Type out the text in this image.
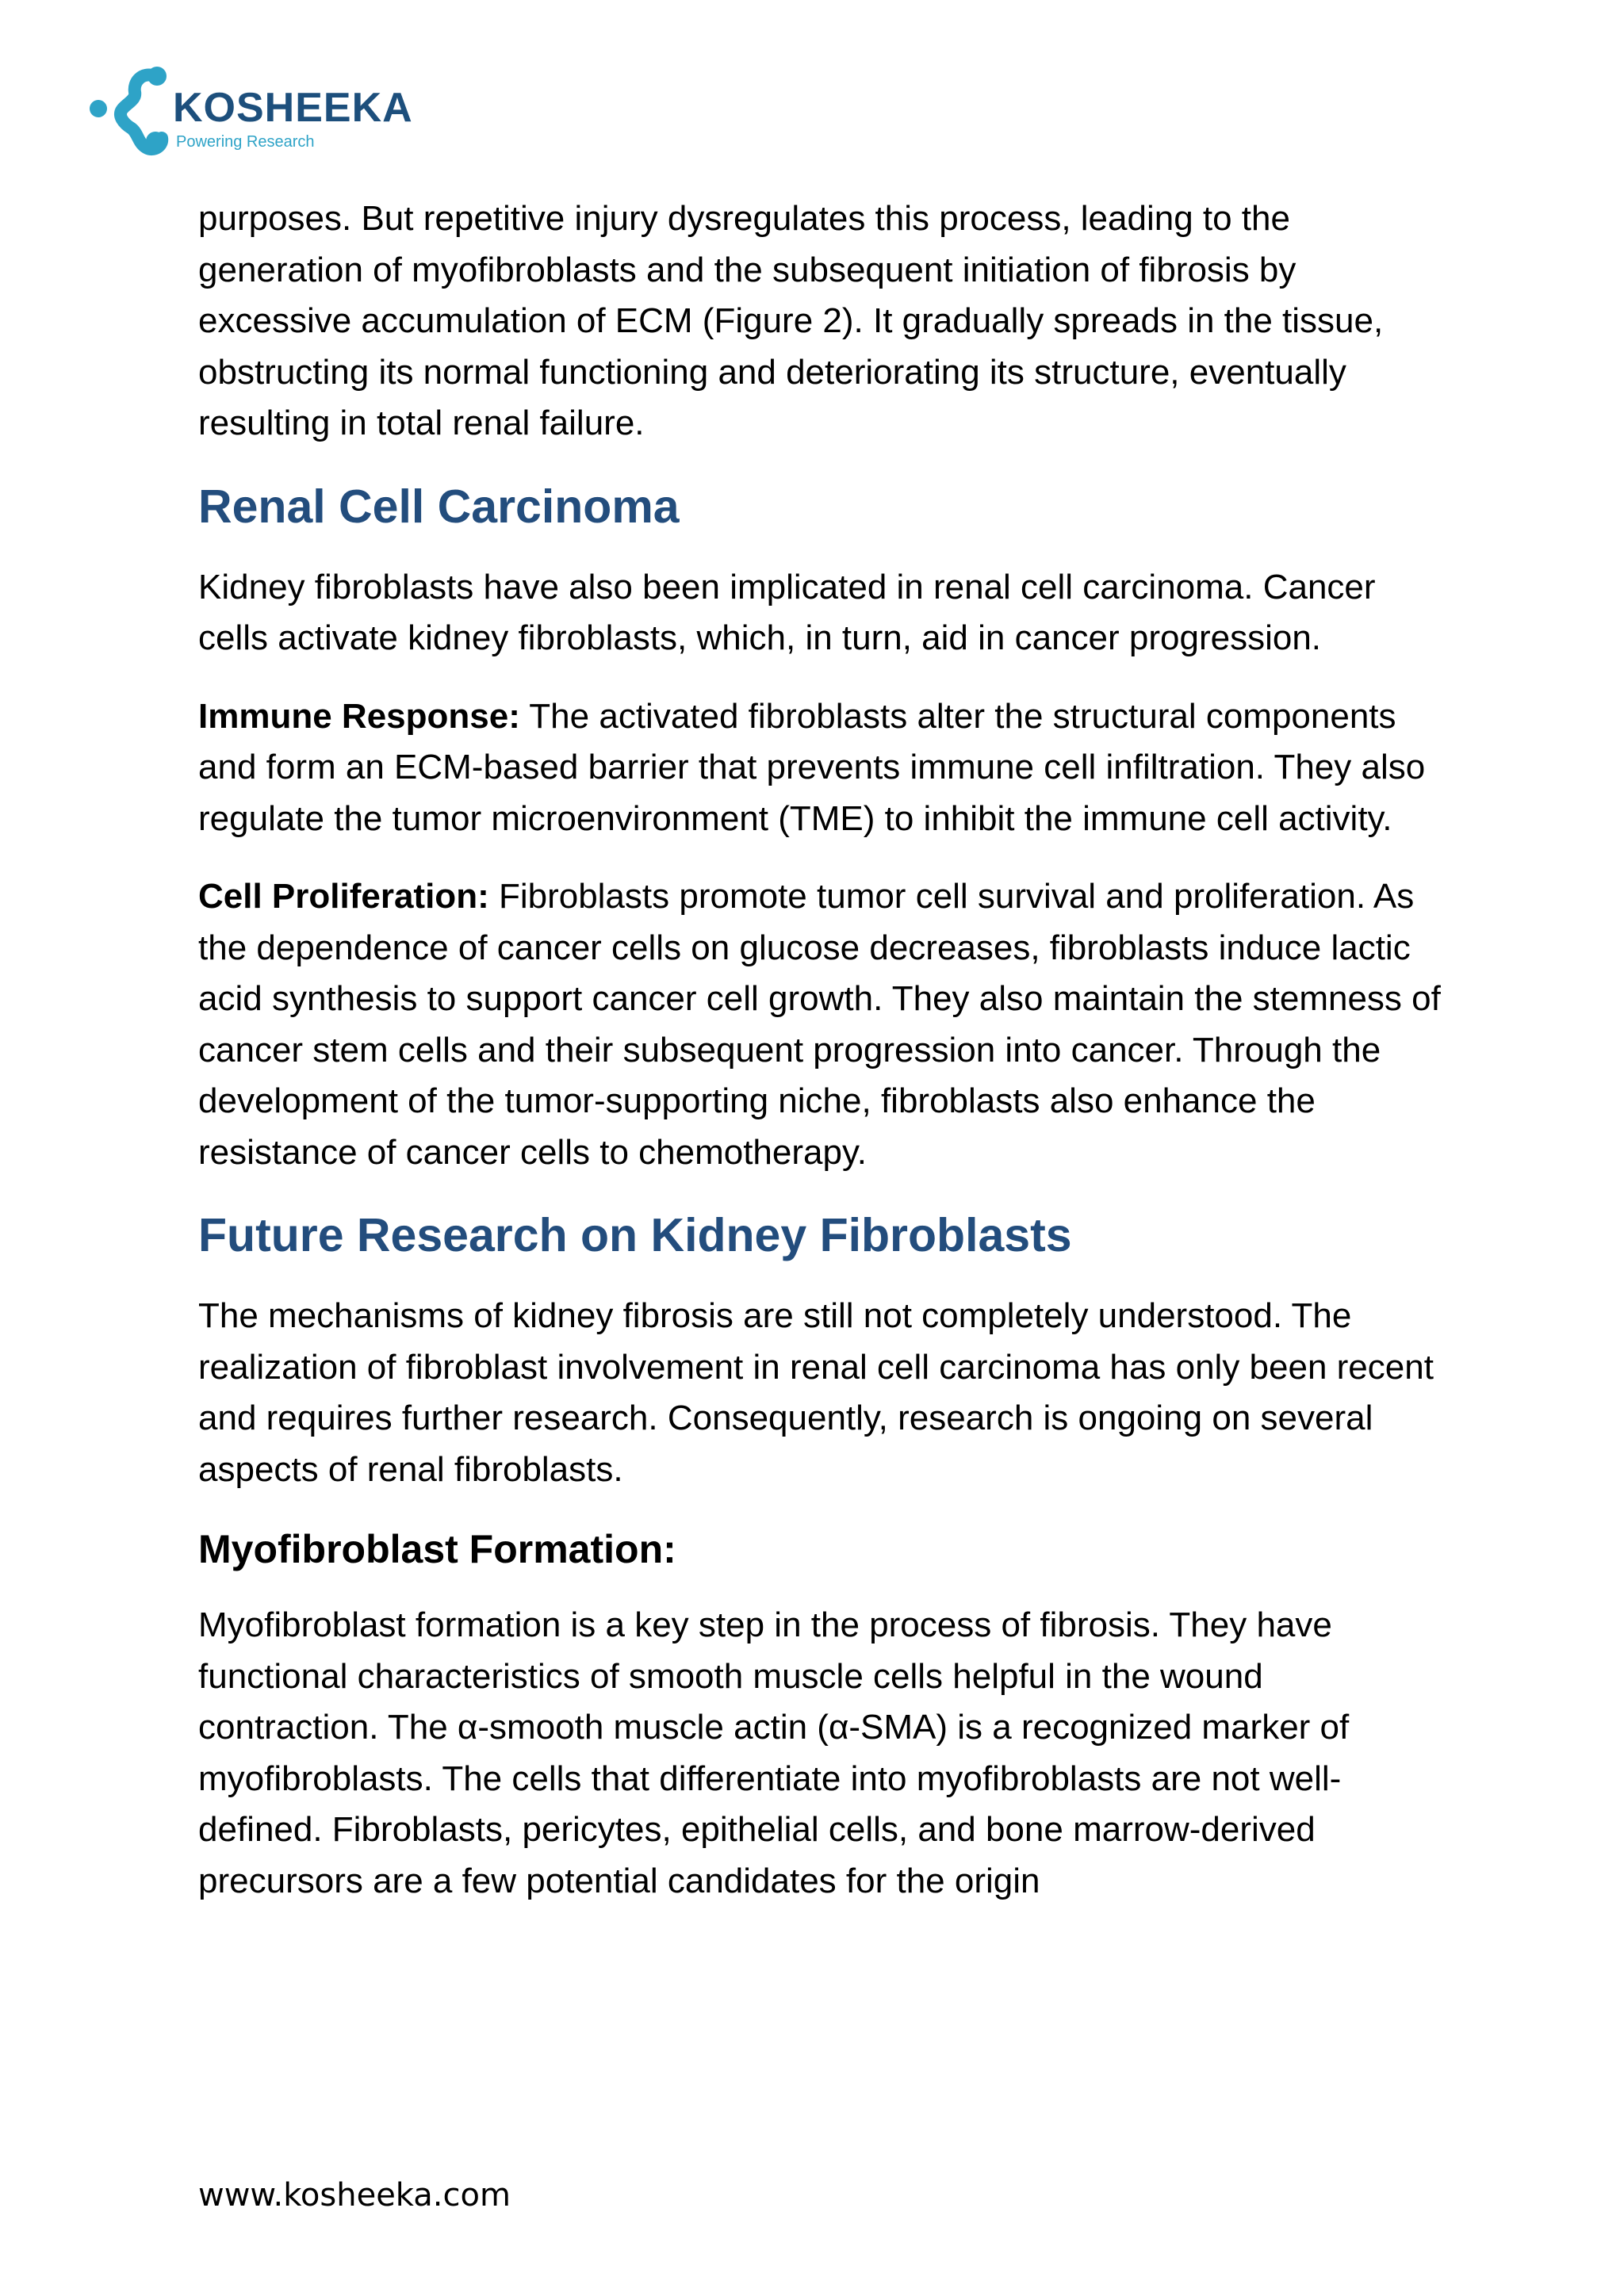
KOSHEEKA
Powering Research

purposes. But repetitive injury dysregulates this process, leading to the generation of myofibroblasts and the subsequent initiation of fibrosis by excessive accumulation of ECM (Figure 2). It gradually spreads in the tissue, obstructing its normal functioning and deteriorating its structure, eventually resulting in total renal failure.

Renal Cell Carcinoma

Kidney fibroblasts have also been implicated in renal cell carcinoma. Cancer cells activate kidney fibroblasts, which, in turn, aid in cancer progression.

Immune Response: The activated fibroblasts alter the structural components and form an ECM-based barrier that prevents immune cell infiltration. They also regulate the tumor microenvironment (TME) to inhibit the immune cell activity.

Cell Proliferation: Fibroblasts promote tumor cell survival and proliferation. As the dependence of cancer cells on glucose decreases, fibroblasts induce lactic acid synthesis to support cancer cell growth. They also maintain the stemness of cancer stem cells and their subsequent progression into cancer. Through the development of the tumor-supporting niche, fibroblasts also enhance the resistance of cancer cells to chemotherapy.

Future Research on Kidney Fibroblasts

The mechanisms of kidney fibrosis are still not completely understood. The realization of fibroblast involvement in renal cell carcinoma has only been recent and requires further research. Consequently, research is ongoing on several aspects of renal fibroblasts.

Myofibroblast Formation:

Myofibroblast formation is a key step in the process of fibrosis. They have functional characteristics of smooth muscle cells helpful in the wound contraction. The α-smooth muscle actin (α-SMA) is a recognized marker of myofibroblasts. The cells that differentiate into myofibroblasts are not well-defined. Fibroblasts, pericytes, epithelial cells, and bone marrow-derived precursors are a few potential candidates for the origin

www.kosheeka.com
